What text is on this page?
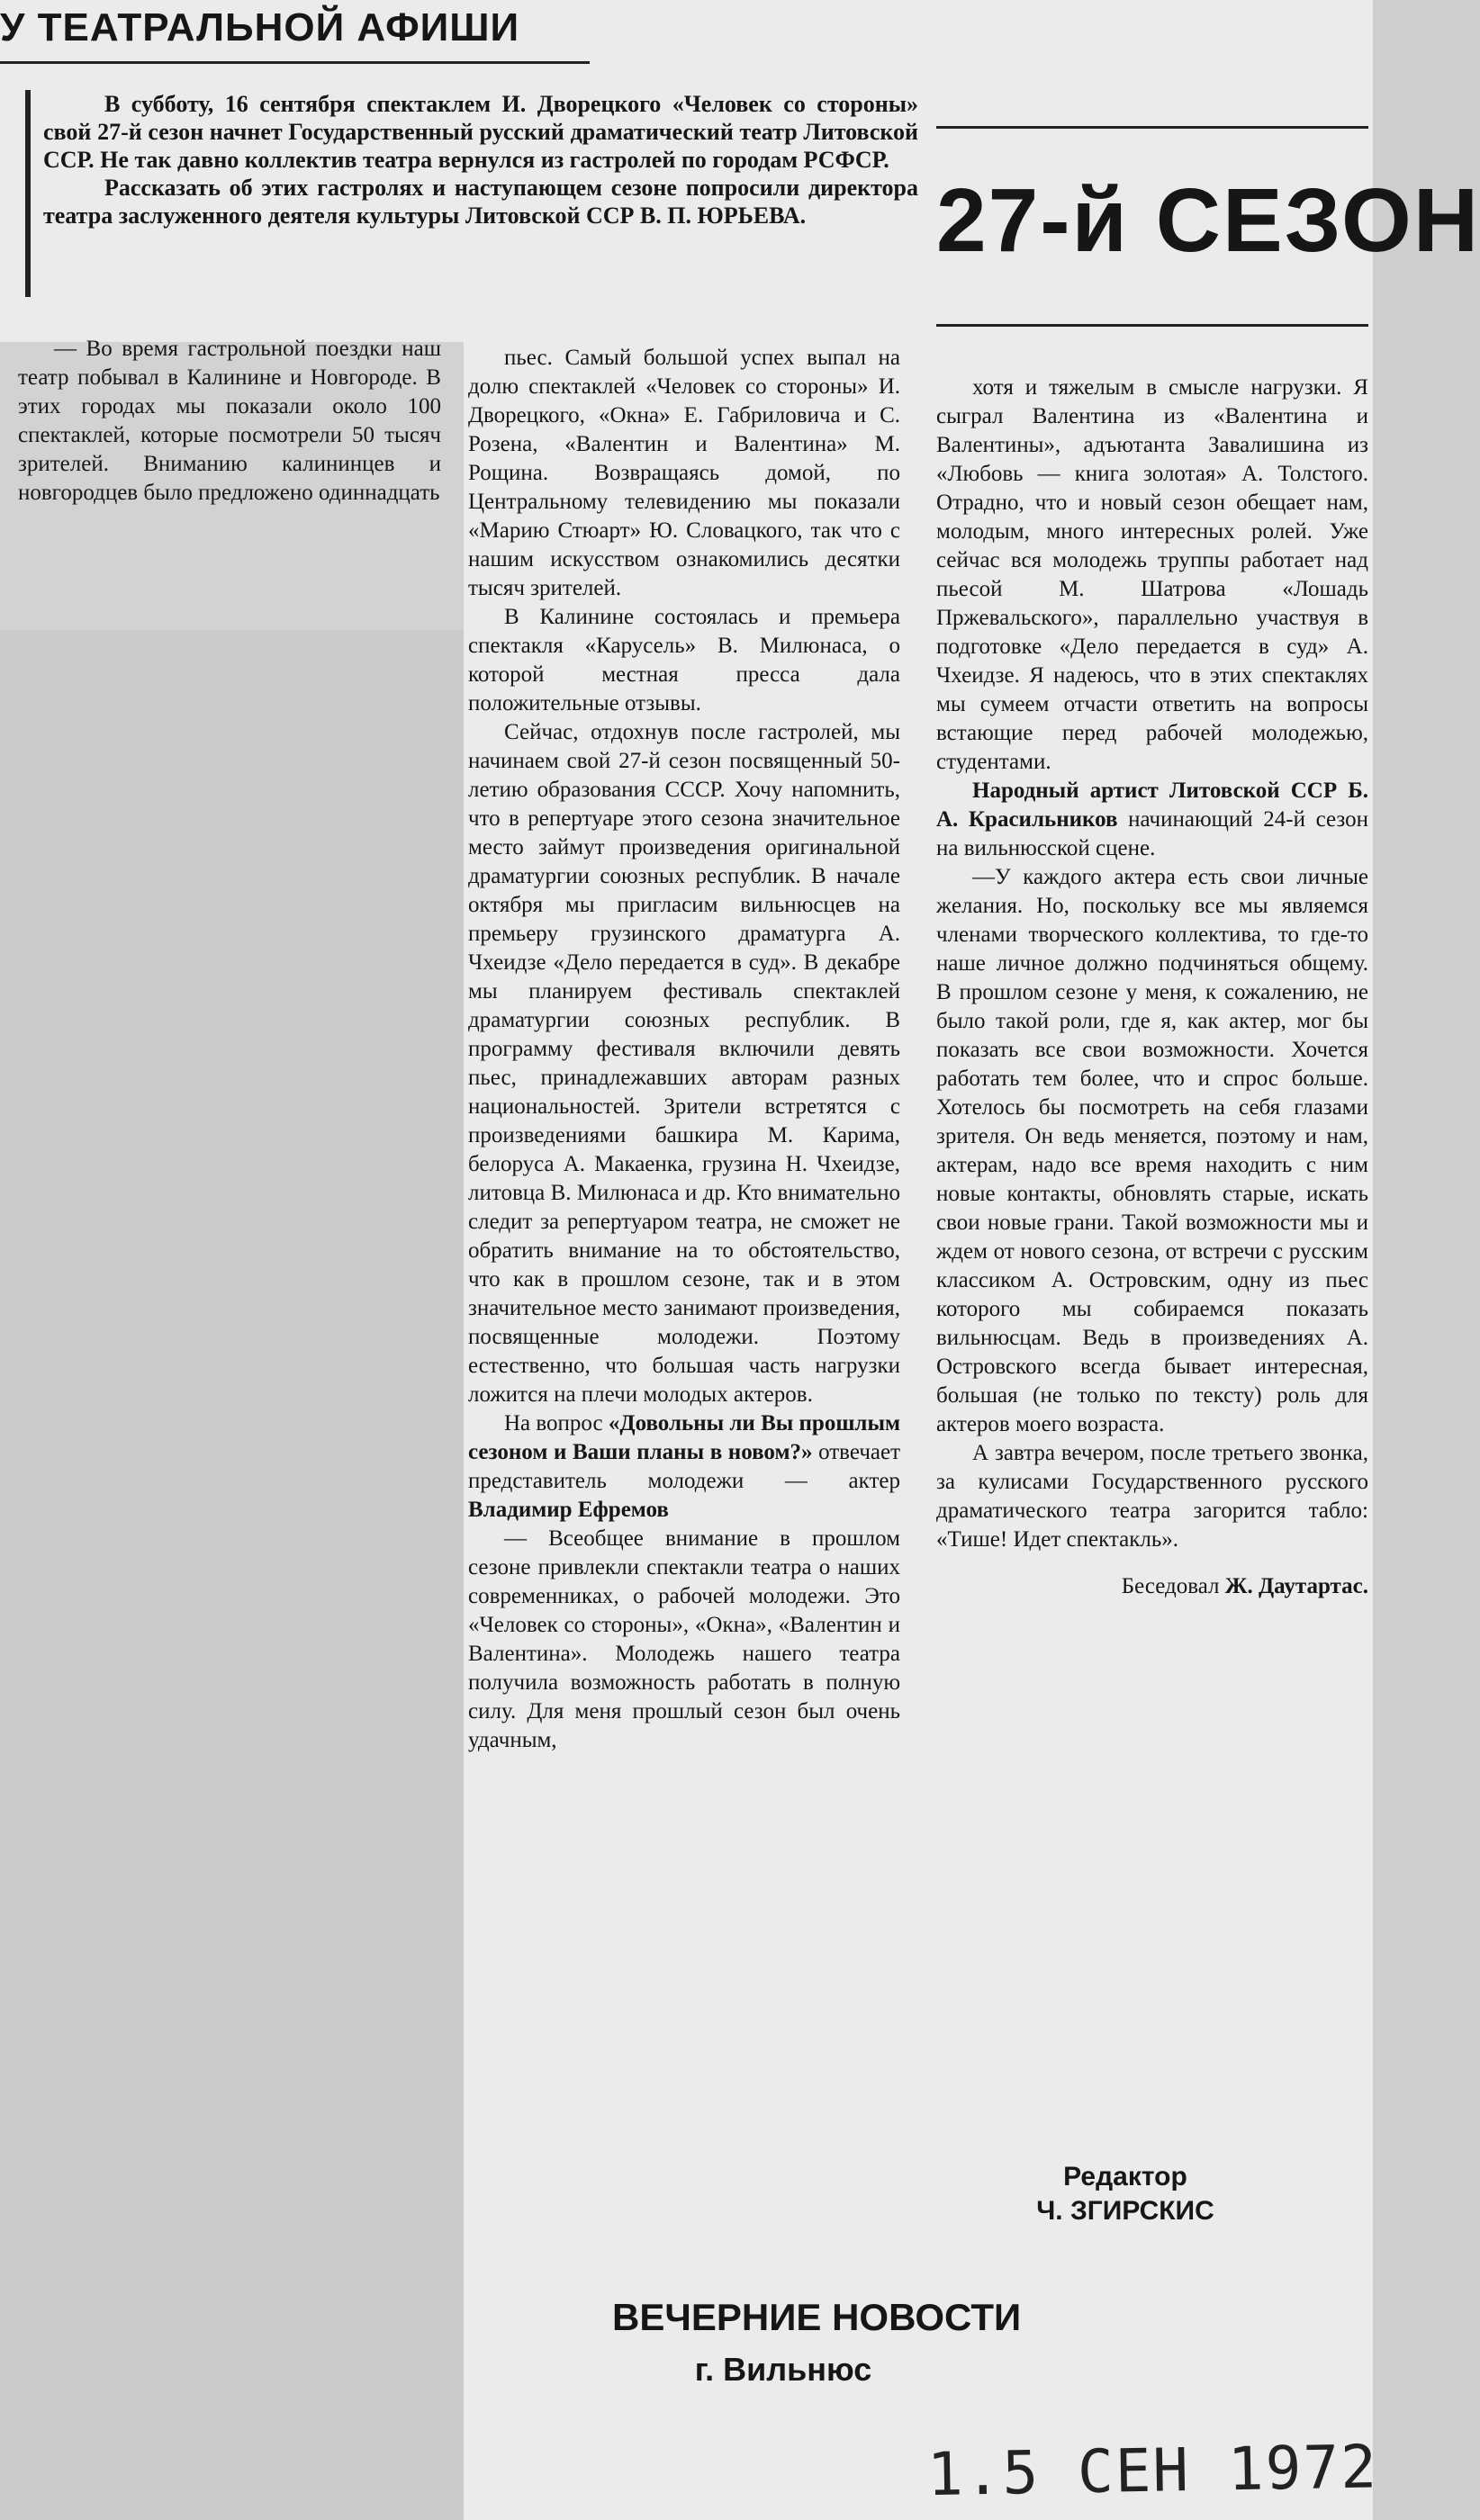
У ТЕАТРАЛЬНОЙ АФИШИ

В субботу, 16 сентября спектаклем И. Дворецкого «Человек со стороны» свой 27-й сезон начнет Государственный русский драматический театр Литовской ССР. Не так давно коллектив театра вернулся из гастролей по городам РСФСР.

Рассказать об этих гастролях и наступающем сезоне попросили директора театра заслуженного деятеля культуры Литовской ССР В. П. ЮРЬЕВА.	27-й СЕЗОН

— Во время гастрольной поездки наш театр побывал в Калинине и Новгороде. В этих городах мы показали около 100 спектаклей, которые посмотрели 50 тысяч зрителей. Вниманию калининцев и новгородцев было предложено одиннадцать

пьес. Самый большой успех выпал на долю спектаклей «Человек со стороны» И. Дворецкого, «Окна» Е. Габриловича и С. Розена, «Валентин и Валентина» М. Рощина. Возвращаясь домой, по Центральному телевидению мы показали «Марию Стюарт» Ю. Словацкого, так что с нашим искусством ознакомились десятки тысяч зрителей.

В Калинине состоялась и премьера спектакля «Карусель» В. Милюнаса, о которой местная пресса дала положительные отзывы.

Сейчас, отдохнув после гастролей, мы начинаем свой 27-й сезон посвященный 50-летию образования СССР. Хочу напомнить, что в репертуаре этого сезона значительное место займут произведения оригинальной драматургии союзных республик. В начале октября мы пригласим вильнюсцев на премьеру грузинского драматурга А. Чхеидзе «Дело передается в суд». В декабре мы планируем фестиваль спектаклей драматургии союзных республик. В программу фестиваля включили девять пьес, принадлежавших авторам разных национальностей. Зрители встретятся с произведениями башкира М. Карима, белоруса А. Макаенка, грузина Н. Чхеидзе, литовца В. Милюнаса и др. Кто внимательно следит за репертуаром театра, не сможет не обратить внимание на то обстоятельство, что как в прошлом сезоне, так и в этом значительное место занимают произведения, посвященные молодежи. Поэтому естественно, что большая часть нагрузки ложится на плечи молодых актеров.

На вопрос «Довольны ли Вы прошлым сезоном и Ваши планы в новом?» отвечает представитель молодежи — актер Владимир Ефремов

— Всеобщее внимание в прошлом сезоне привлекли спектакли театра о наших современниках, о рабочей молодежи. Это «Человек со стороны», «Окна», «Валентин и Валентина». Молодежь нашего театра получила возможность работать в полную силу. Для меня прошлый сезон был очень удачным,

хотя и тяжелым в смысле нагрузки. Я сыграл Валентина из «Валентина и Валентины», адъютанта Завалишина из «Любовь — книга золотая» А. Толстого. Отрадно, что и новый сезон обещает нам, молодым, много интересных ролей. Уже сейчас вся молодежь труппы работает над пьесой М. Шатрова «Лошадь Пржевальского», параллельно участвуя в подготовке «Дело передается в суд» А. Чхеидзе. Я надеюсь, что в этих спектаклях мы сумеем отчасти ответить на вопросы встающие перед рабочей молодежью, студентами.

Народный артист Литовской ССР Б. А. Красильников начинающий 24-й сезон на вильнюсской сцене.

—У каждого актера есть свои личные желания. Но, поскольку все мы являемся членами творческого коллектива, то где-то наше личное должно подчиняться общему. В прошлом сезоне у меня, к сожалению, не было такой роли, где я, как актер, мог бы показать все свои возможности. Хочется работать тем более, что и спрос больше. Хотелось бы посмотреть на себя глазами зрителя. Он ведь меняется, поэтому и нам, актерам, надо все время находить с ним новые контакты, обновлять старые, искать свои новые грани. Такой возможности мы и ждем от нового сезона, от встречи с русским классиком А. Островским, одну из пьес которого мы собираемся показать вильнюсцам. Ведь в произведениях А. Островского всегда бывает интересная, большая (не только по тексту) роль для актеров моего возраста.

А завтра вечером, после третьего звонка, за кулисами Государственного русского драматического театра загорится табло: «Тише! Идет спектакль».

Беседовал Ж. Даутартас.

Редактор
Ч. ЗГИРСКИС
ВЕЧЕРНИЕ НОВОСТИ
г. Вильнюс
1.5 СЕН 1972
